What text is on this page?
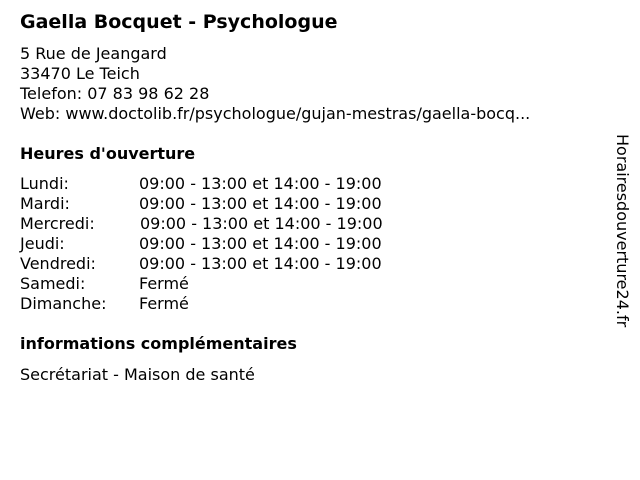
Gaella Bocquet - Psychologue
5 Rue de Jeangard
33470 Le Teich
Telefon: 07 83 98 62 28
Web: www.doctolib.fr/psychologue/gujan-mestras/gaella-bocq...
Heures d'ouverture
Lundi:	09:00 - 13:00 et 14:00 - 19:00
Mardi:	09:00 - 13:00 et 14:00 - 19:00
Mercredi:	09:00 - 13:00 et 14:00 - 19:00
Jeudi:	09:00 - 13:00 et 14:00 - 19:00
Vendredi:	09:00 - 13:00 et 14:00 - 19:00
Samedi:	Fermé
Dimanche: Fermé
informations complémentaires
Secrétariat - Maison de santé
Horairesdouverture24.fr
